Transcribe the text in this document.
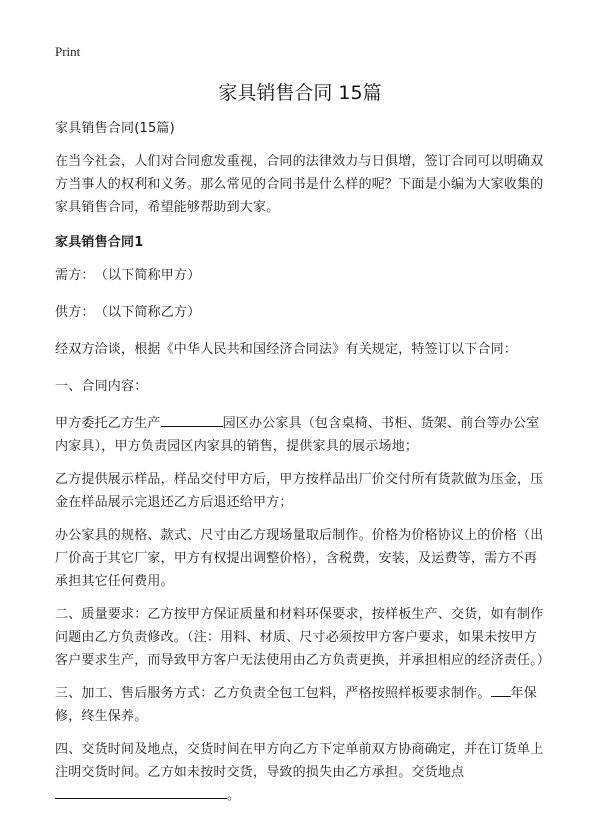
Print
家具销售合同 15篇

家具销售合同(15篇)

在当今社会，人们对合同愈发重视，合同的法律效力与日俱增，签订合同可以明确双方当事人的权利和义务。那么常见的合同书是什么样的呢？下面是小编为大家收集的家具销售合同，希望能够帮助到大家。

家具销售合同1

需方：　（以下简称甲方）

供方：　（以下简称乙方）

经双方洽谈，根据《中华人民共和国经济合同法》有关规定，特签订以下合同：

一、合同内容：

甲方委托乙方生产	园区办公家具（包含桌椅、书柜、货架、前台等办公室内家具），甲方负责园区内家具的销售，提供家具的展示场地；

乙方提供展示样品，样品交付甲方后，甲方按样品出厂价交付所有货款做为压金，压金在样品展示完退还乙方后退还给甲方；

办公家具的规格、款式、尺寸由乙方现场量取后制作。价格为价格协议上的价格（出厂价高于其它厂家，甲方有权提出调整价格），含税费，安装，及运费等，需方不再承担其它任何费用。

二、质量要求：乙方按甲方保证质量和材料环保要求，按样板生产、交货，如有制作问题由乙方负责修改。（注：用料、材质、尺寸必须按甲方客户要求，如果未按甲方客户要求生产，而导致甲方客户无法使用由乙方负责更换，并承担相应的经济责任。）

三、加工、售后服务方式：乙方负责全包工包料，严格按照样板要求制作。 年保修，终生保养。

四、交货时间及地点，交货时间在甲方向乙方下定单前双方协商确定，并在订货单上注明交货时间。乙方如未按时交货，导致的损失由乙方承担。交货地点。
